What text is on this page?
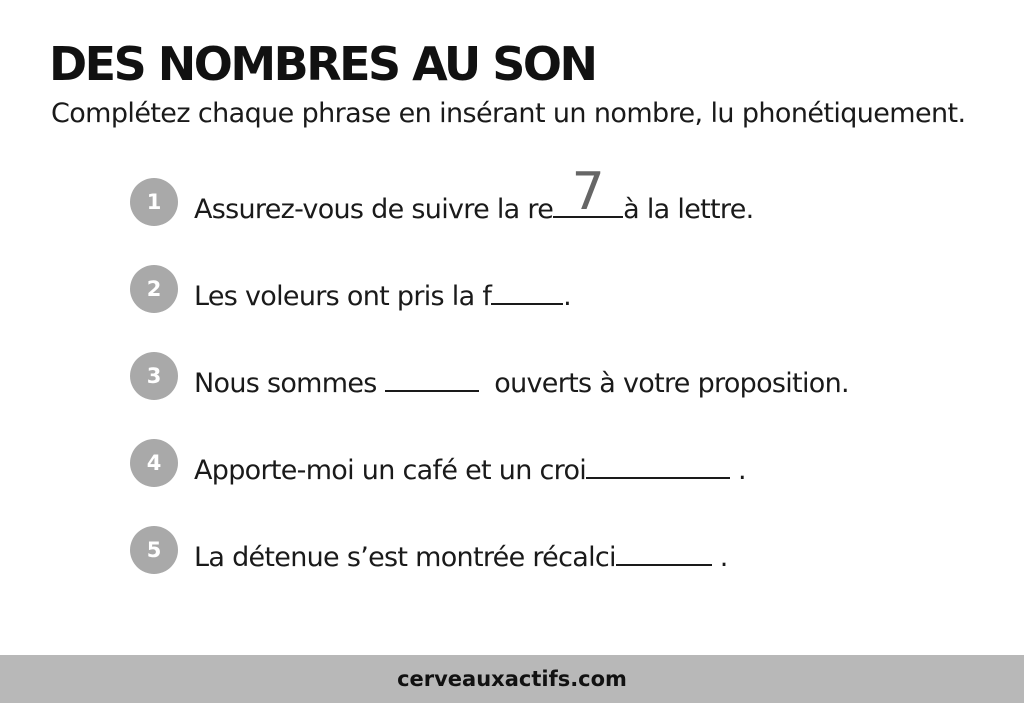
DES NOMBRES AU SON

Complétez chaque phrase en insérant un nombre, lu phonétiquement.

1	Assurez-vous de suivre la re 7 à la lettre.
2	Les voleurs ont pris la f	.
3	Nous sommes	ouverts à votre proposition.
4	Apporte-moi un café et un croi	.
5	La détenue s’est montrée récalci	.
cerveauxactifs.com
